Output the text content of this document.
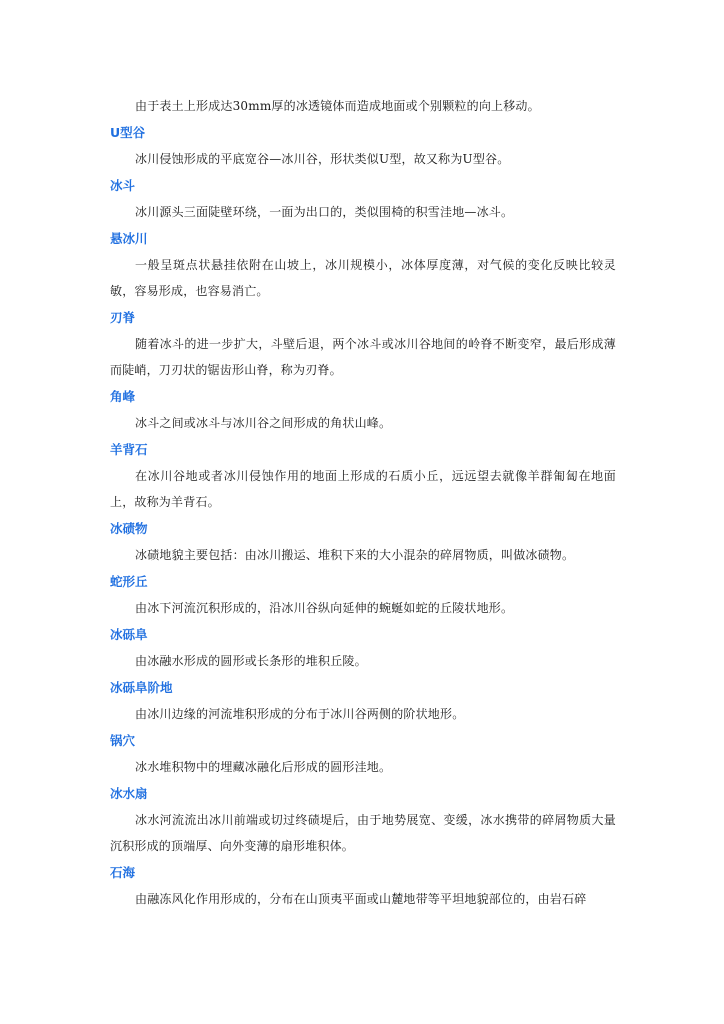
由于表土上形成达30mm厚的冰透镜体而造成地面或个别颗粒的向上移动。

U型谷

冰川侵蚀形成的平底宽谷—冰川谷，形状类似U型，故又称为U型谷。

冰斗

冰川源头三面陡壁环绕，一面为出口的，类似围椅的积雪洼地—冰斗。

悬冰川

一般呈斑点状悬挂依附在山坡上，冰川规模小，冰体厚度薄，对气候的变化反映比较灵敏，容易形成，也容易消亡。

刃脊

随着冰斗的进一步扩大，斗壁后退，两个冰斗或冰川谷地间的岭脊不断变窄，最后形成薄而陡峭，刀刃状的锯齿形山脊，称为刃脊。

角峰

冰斗之间或冰斗与冰川谷之间形成的角状山峰。

羊背石

在冰川谷地或者冰川侵蚀作用的地面上形成的石质小丘，远远望去就像羊群匍匐在地面上，故称为羊背石。

冰碛物

冰碛地貌主要包括：由冰川搬运、堆积下来的大小混杂的碎屑物质，叫做冰碛物。

蛇形丘

由冰下河流沉积形成的，沿冰川谷纵向延伸的蜿蜒如蛇的丘陵状地形。

冰砾阜

由冰融水形成的圆形或长条形的堆积丘陵。

冰砾阜阶地

由冰川边缘的河流堆积形成的分布于冰川谷两侧的阶状地形。

锅穴

冰水堆积物中的埋藏冰融化后形成的圆形洼地。

冰水扇

冰水河流流出冰川前端或切过终碛堤后，由于地势展宽、变缓，冰水携带的碎屑物质大量沉积形成的顶端厚、向外变薄的扇形堆积体。

石海

由融冻风化作用形成的，分布在山顶夷平面或山麓地带等平坦地貌部位的，由岩石碎
